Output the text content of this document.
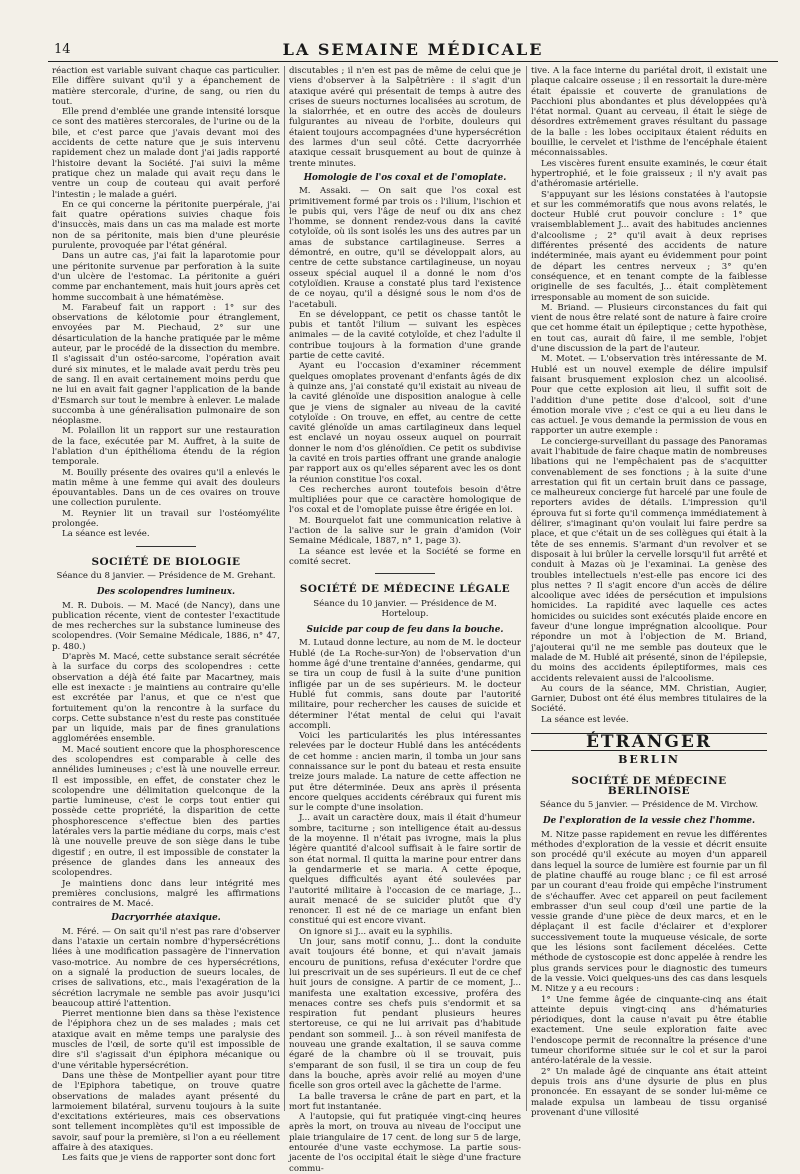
14	LA SEMAINE MÉDICALE

réaction est variable suivant chaque cas particulier. Elle diffère suivant qu'il y a épanchement de matière stercorale, d'urine, de sang, ou rien du tout.

Elle prend d'emblée une grande intensité lorsque ce sont des matières stercorales, de l'urine ou de la bile, et c'est parce que j'avais devant moi des accidents de cette nature que je suis intervenu rapidement chez un malade dont j'ai jadis rapporté l'histoire devant la Société. J'ai suivi la même pratique chez un malade qui avait reçu dans le ventre un coup de couteau qui avait perforé l'intestin ; le malade a guéri.

En ce qui concerne la péritonite puerpérale, j'ai fait quatre opérations suivies chaque fois d'insuccès, mais dans un cas ma malade est morte non de sa péritonite, mais bien d'une pleurésie purulente, provoquée par l'état général.

Dans un autre cas, j'ai fait la laparotomie pour une péritonite survenue par perforation à la suite d'un ulcère de l'estomac. La péritonite a guéri comme par enchantement, mais huit jours après cet homme succombait à une hématémèse.

M. Farabeuf fait un rapport : 1° sur des observations de kélotomie pour étranglement, envoyées par M. Piechaud, 2° sur une désarticulation de la hanche pratiquée par le même auteur, par le procédé de la dissection du membre. Il s'agissait d'un ostéo-sarcome, l'opération avait duré six minutes, et le malade avait perdu très peu de sang. Il en avait certainement moins perdu que ne lui en avait fait gagner l'application de la bande d'Esmarch sur tout le membre à enlever. Le malade succomba à une généralisation pulmonaire de son néoplasme.

M. Polaillon lit un rapport sur une restauration de la face, exécutée par M. Auffret, à la suite de l'ablation d'un épithélioma étendu de la région temporale.

M. Bouilly présente des ovaires qu'il a enlevés le matin même à une femme qui avait des douleurs épouvantables. Dans un de ces ovaires on trouve une collection purulente.

M. Reynier lit un travail sur l'ostéomyélite prolongée.

La séance est levée.

SOCIÉTÉ DE BIOLOGIE
Séance du 8 janvier. — Présidence de M. Grehant.
Des scolopendres lumineux.

M. R. Dubois. — M. Macé (de Nancy), dans une publication récente, vient de contester l'exactitude de mes recherches sur la substance lumineuse des scolopendres. (Voir Semaine Médicale, 1886, n° 47, p. 480.)

D'après M. Macé, cette substance serait sécrétée à la surface du corps des scolopendres : cette observation a déjà été faite par Macartney, mais elle est inexacte : je maintiens au contraire qu'elle est excrétée par l'anus, et que ce n'est que fortuitement qu'on la rencontre à la surface du corps. Cette substance n'est du reste pas constituée par un liquide, mais par de fines granulations agglomérées ensemble.

M. Macé soutient encore que la phosphorescence des scolopendres est comparable à celle des annélides lumineuses ; c'est là une nouvelle erreur. Il est impossible, en effet, de constater chez le scolopendre une délimitation quelconque de la partie lumineuse, c'est le corps tout entier qui possède cette propriété, la disparition de cette phosphorescence s'effectue bien des parties latérales vers la partie médiane du corps, mais c'est là une nouvelle preuve de son siège dans le tube digestif ; en outre, il est impossible de constater la présence de glandes dans les anneaux des scolopendres.

Je maintiens donc dans leur intégrité mes premières conclusions, malgré les affirmations contraires de M. Macé.

Dacryorrhée ataxique.

M. Féré. — On sait qu'il n'est pas rare d'observer dans l'ataxie un certain nombre d'hypersécrétions liées à une modification passagère de l'innervation vaso-motrice. Au nombre de ces hypersécrétions, on a signalé la production de sueurs locales, de crises de salivations, etc., mais l'exagération de la sécrétion lacrymale ne semble pas avoir jusqu'ici beaucoup attiré l'attention.

Pierret mentionne bien dans sa thèse l'existence de l'épiphora chez un de ses malades ; mais cet ataxique avait en même temps une paralysie des muscles de l'œil, de sorte qu'il est impossible de dire s'il s'agissait d'un épiphora mécanique ou d'une véritable hypersécrétion.

Dans une thèse de Montpellier ayant pour titre de l'Epiphora tabetique, on trouve quatre observations de malades ayant présenté du larmoiement bilatéral, survenu toujours à la suite d'excitations extérieures, mais ces observations sont tellement incomplètes qu'il est impossible de savoir, sauf pour la première, si l'on a eu réellement affaire à des ataxiques.

Les faits que je viens de rapporter sont donc fort

discutables ; il n'en est pas de même de celui que je viens d'observer à la Salpêtrière : il s'agit d'un ataxique avéré qui présentait de temps à autre des crises de sueurs nocturnes localisées au scrotum, de la sialorrhée, et en outre des accès de douleurs fulgurantes au niveau de l'orbite, douleurs qui étaient toujours accompagnées d'une hypersécrétion des larmes d'un seul côté. Cette dacryorrhée ataxique cessait brusquement au bout de quinze à trente minutes.

Homologie de l'os coxal et de l'omoplate.

M. Assaki. — On sait que l'os coxal est primitivement formé par trois os : l'ilium, l'ischion et le pubis qui, vers l'âge de neuf ou dix ans chez l'homme, se donnent rendez-vous dans la cavité cotyloïde, où ils sont isolés les uns des autres par un amas de substance cartilagineuse. Serres a démontré, en outre, qu'il se développait alors, au centre de cette substance cartilagineuse, un noyau osseux spécial auquel il a donné le nom d'os cotyloïdien. Krause a constaté plus tard l'existence de ce noyau, qu'il a désigné sous le nom d'os de l'acetabuli.

En se développant, ce petit os chasse tantôt le pubis et tantôt l'ilium — suivant les espèces animales — de la cavité cotyloïde, et chez l'adulte il contribue toujours à la formation d'une grande partie de cette cavité.

Ayant eu l'occasion d'examiner récemment quelques omoplates provenant d'enfants âgés de dix à quinze ans, j'ai constaté qu'il existait au niveau de la cavité glénoïde une disposition analogue à celle que je viens de signaler au niveau de la cavité cotyloïde : On trouve, en effet, au centre de cette cavité glénoïde un amas cartilagineux dans lequel est enclavé un noyau osseux auquel on pourrait donner le nom d'os glénoïdien. Ce petit os subdivise la cavité en trois parties offrant une grande analogie par rapport aux os qu'elles séparent avec les os dont la réunion constitue l'os coxal.

Ces recherches auront toutefois besoin d'être multipliées pour que ce caractère homologique de l'os coxal et de l'omoplate puisse être érigée en loi.

M. Bourquelot fait une communication relative à l'action de la salive sur le grain d'amidon (Voir Semaine Médicale, 1887, n° 1, page 3).

La séance est levée et la Société se forme en comité secret.

SOCIÉTÉ DE MÉDECINE LÉGALE
Séance du 10 janvier. — Présidence de M. Horteloup.
Suicide par coup de feu dans la bouche.

M. Lutaud donne lecture, au nom de M. le docteur Hublé (de La Roche-sur-Yon) de l'observation d'un homme âgé d'une trentaine d'années, gendarme, qui se tira un coup de fusil à la suite d'une punition infligée par un de ses supérieurs. M. le docteur Hublé fut commis, sans doute par l'autorité militaire, pour rechercher les causes de suicide et déterminer l'état mental de celui qui l'avait accompli.

Voici les particularités les plus intéressantes relevées par le docteur Hublé dans les antécédents de cet homme : ancien marin, il tomba un jour sans connaissance sur le pont du bateau et resta ensuite treize jours malade. La nature de cette affection ne put être déterminée. Deux ans après il présenta encore quelques accidents cérébraux qui furent mis sur le compte d'une insolation.

J... avait un caractère doux, mais il était d'humeur sombre, taciturne ; son intelligence était au-dessus de la moyenne. Il n'était pas ivrogne, mais la plus légère quantité d'alcool suffisait à le faire sortir de son état normal. Il quitta la marine pour entrer dans la gendarmerie et se maria. A cette époque, quelques difficultés ayant été soulevées par l'autorité militaire à l'occasion de ce mariage, J... aurait menacé de se suicider plutôt que d'y renoncer. Il est né de ce mariage un enfant bien constitué qui est encore vivant.

On ignore si J... avait eu la syphilis.

Un jour, sans motif connu, J... dont la conduite avait toujours été bonne, et qui n'avait jamais encouru de punitions, refusa d'exécuter l'ordre que lui prescrivait un de ses supérieurs. Il eut de ce chef huit jours de consigne. A partir de ce moment, J... manifesta une exaltation excessive, proféra des menaces contre ses chefs puis s'endormit et sa respiration fut pendant plusieurs heures stertoreuse, ce qui ne lui arrivait pas d'habitude pendant son sommeil. J... à son réveil manifesta de nouveau une grande exaltation, il se sauva comme égaré de la chambre où il se trouvait, puis s'emparant de son fusil, il se tira un coup de feu dans la bouche, après avoir relié au moyen d'une ficelle son gros orteil avec la gâchette de l'arme.

La balle traversa le crâne de part en part, et la mort fut instantanée.

A l'autopsie, qui fut pratiquée vingt-cinq heures après la mort, on trouva au niveau de l'occiput une plaie triangulaire de 17 cent. de long sur 5 de large, entourée d'une vaste ecchymose. La partie sous-jacente de l'os occipital était le siège d'une fracture commu-

tive. A la face interne du pariétal droit, il existait une plaque calcaire osseuse ; il en ressortait la dure-mère était épaissie et couverte de granulations de Pacchioni plus abondantes et plus développées qu'à l'état normal. Quant au cerveau, il était le siège de désordres extrêmement graves résultant du passage de la balle : les lobes occipitaux étaient réduits en bouillie, le cervelet et l'isthme de l'encéphale étaient méconnaissables.

Les viscères furent ensuite examinés, le cœur était hypertrophié, et le foie graisseux ; il n'y avait pas d'athéromasie artérielle.

S'appuyant sur les lésions constatées à l'autopsie et sur les commémoratifs que nous avons relatés, le docteur Hublé crut pouvoir conclure : 1° que vraisemblablement J... avait des habitudes anciennes d'alcoolisme ; 2° qu'il avait à deux reprises différentes présenté des accidents de nature indéterminée, mais ayant eu évidemment pour point de départ les centres nerveux ; 3° qu'en conséquence, et en tenant compte de la faiblesse originelle de ses facultés, J... était complètement irresponsable au moment de son suicide.

M. Briand. — Plusieurs circonstances du fait qui vient de nous être relaté sont de nature à faire croire que cet homme était un épileptique ; cette hypothèse, en tout cas, aurait dû faire, il me semble, l'objet d'une discussion de la part de l'auteur.

M. Motet. — L'observation très intéressante de M. Hublé est un nouvel exemple de délire impulsif faisant brusquement explosion chez un alcoolisé. Pour que cette explosion ait lieu, il suffit soit de l'addition d'une petite dose d'alcool, soit d'une émotion morale vive ; c'est ce qui a eu lieu dans le cas actuel. Je vous demande la permission de vous en rapporter un autre exemple :

Le concierge-surveillant du passage des Panoramas avait l'habitude de faire chaque matin de nombreuses libations qui ne l'empêchaient pas de s'acquitter convenablement de ses fonctions ; à la suite d'une arrestation qui fit un certain bruit dans ce passage, ce malheureux concierge fut harcelé par une foule de reporters avides de détails. L'impression qu'il éprouva fut si forte qu'il commença immédiatement à délirer, s'imaginant qu'on voulait lui faire perdre sa place, et que c'était un de ses collègues qui était à la tête de ses ennemis. S'armant d'un revolver et se disposait à lui brûler la cervelle lorsqu'il fut arrêté et conduit à Mazas où je l'examinai. La genèse des troubles intellectuels n'est-elle pas encore ici des plus nettes ? Il s'agit encore d'un accès de délire alcoolique avec idées de persécution et impulsions homicides. La rapidité avec laquelle ces actes homicides ou suicides sont exécutés plaide encore en faveur d'une longue imprégnation alcoolique. Pour répondre un mot à l'objection de M. Briand, j'ajouterai qu'il ne me semble pas douteux que le malade de M. Hublé ait présenté, sinon de l'épilepsie, du moins des accidents épileptiformes, mais ces accidents relevaient aussi de l'alcoolisme.

Au cours de la séance, MM. Christian, Augier, Garnier, Dubost ont été élus membres titulaires de la Société.

La séance est levée.

ÉTRANGER
BERLIN
SOCIÉTÉ DE MÉDECINE BERLINOISE
Séance du 5 janvier. — Présidence de M. Virchow.
De l'exploration de la vessie chez l'homme.

M. Nitze passe rapidement en revue les différentes méthodes d'exploration de la vessie et décrit ensuite son procédé qu'il exécute au moyen d'un appareil dans lequel la source de lumière est fournie par un fil de platine chauffé au rouge blanc ; ce fil est arrosé par un courant d'eau froide qui empêche l'instrument de s'échauffer. Avec cet appareil on peut facilement embrasser d'un seul coup d'œil une partie de la vessie grande d'une pièce de deux marcs, et en le déplaçant il est facile d'éclairer et d'explorer successivement toute la muqueuse vésicale, de sorte que les lésions sont facilement décelées. Cette méthode de cystoscopie est donc appelée à rendre les plus grands services pour le diagnostic des tumeurs de la vessie. Voici quelques-uns des cas dans lesquels M. Nitze y a eu recours :

1° Une femme âgée de cinquante-cinq ans était atteinte depuis vingt-cinq ans d'hématuries périodiques, dont la cause n'avait pu être établie exactement. Une seule exploration faite avec l'endoscope permit de reconnaître la présence d'une tumeur choriforme située sur le col et sur la paroi antéro-latérale de la vessie.

2° Un malade âgé de cinquante ans était atteint depuis trois ans d'une dysurie de plus en plus prononcée. En essayant de se sonder lui-même ce malade expulsa un lambeau de tissu organisé provenant d'une villosité
